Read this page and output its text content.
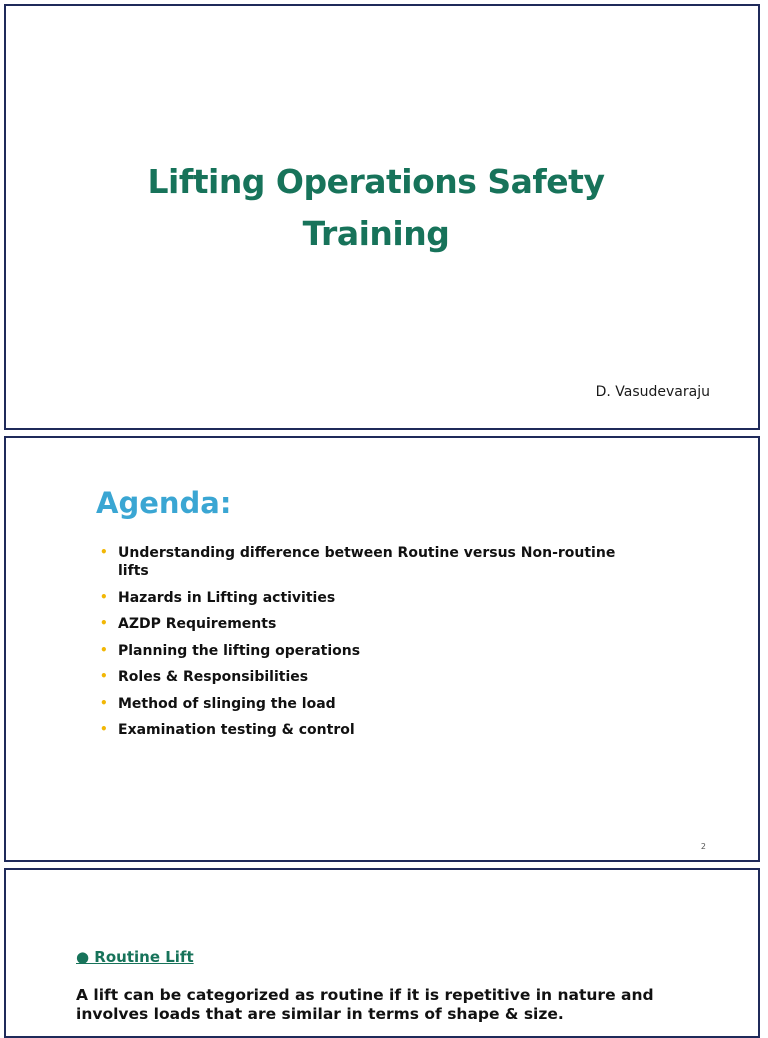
Lifting Operations Safety
Training
D. Vasudevaraju
Agenda:
• Understanding difference between Routine versus Non-routine lifts
• Hazards in Lifting activities
• AZDP Requirements
• Planning the lifting operations
• Roles & Responsibilities
• Method of slinging the load
• Examination testing & control
2
● Routine Lift
A lift can be categorized as routine if it is repetitive in nature and involves loads that are similar in terms of shape & size.
